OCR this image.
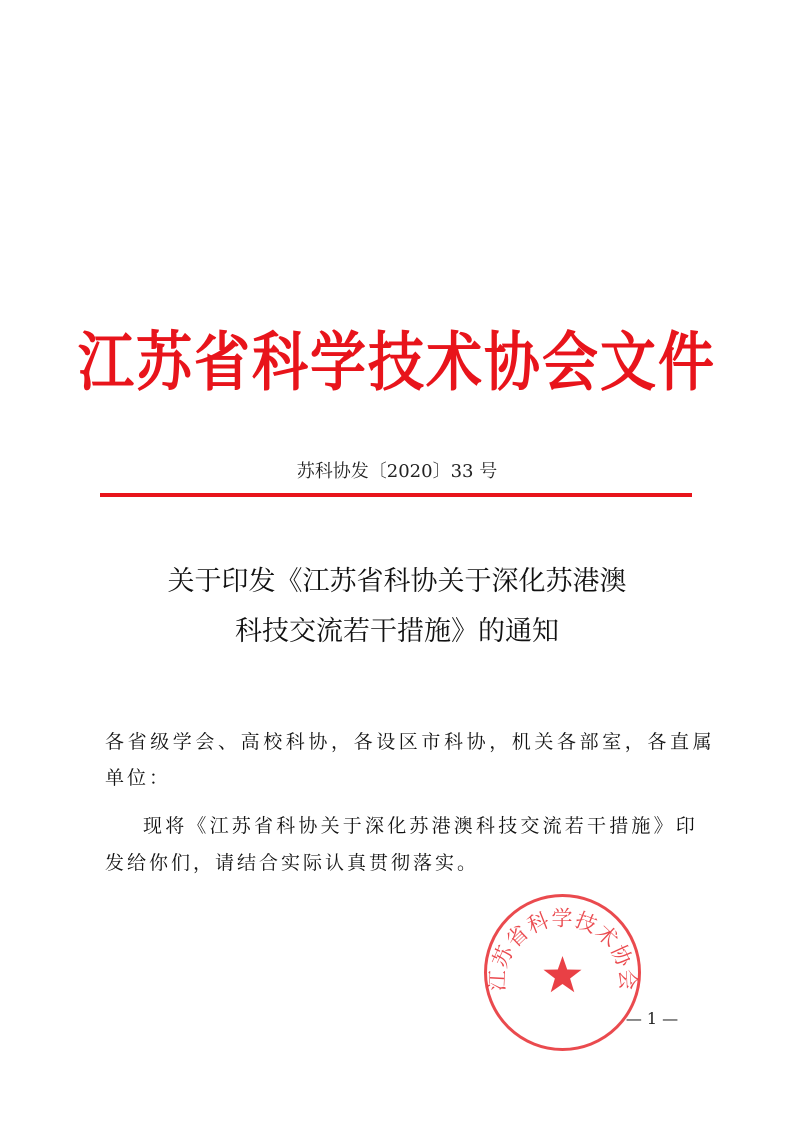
江苏省科学技术协会文件
苏科协发〔2020〕33 号
关于印发《江苏省科协关于深化苏港澳
科技交流若干措施》的通知
各省级学会、高校科协，各设区市科协，机关各部室，各直属
单位：
现将《江苏省科协关于深化苏港澳科技交流若干措施》印
发给你们，请结合实际认真贯彻落实。
江苏省科学技术协会
— 1 —
